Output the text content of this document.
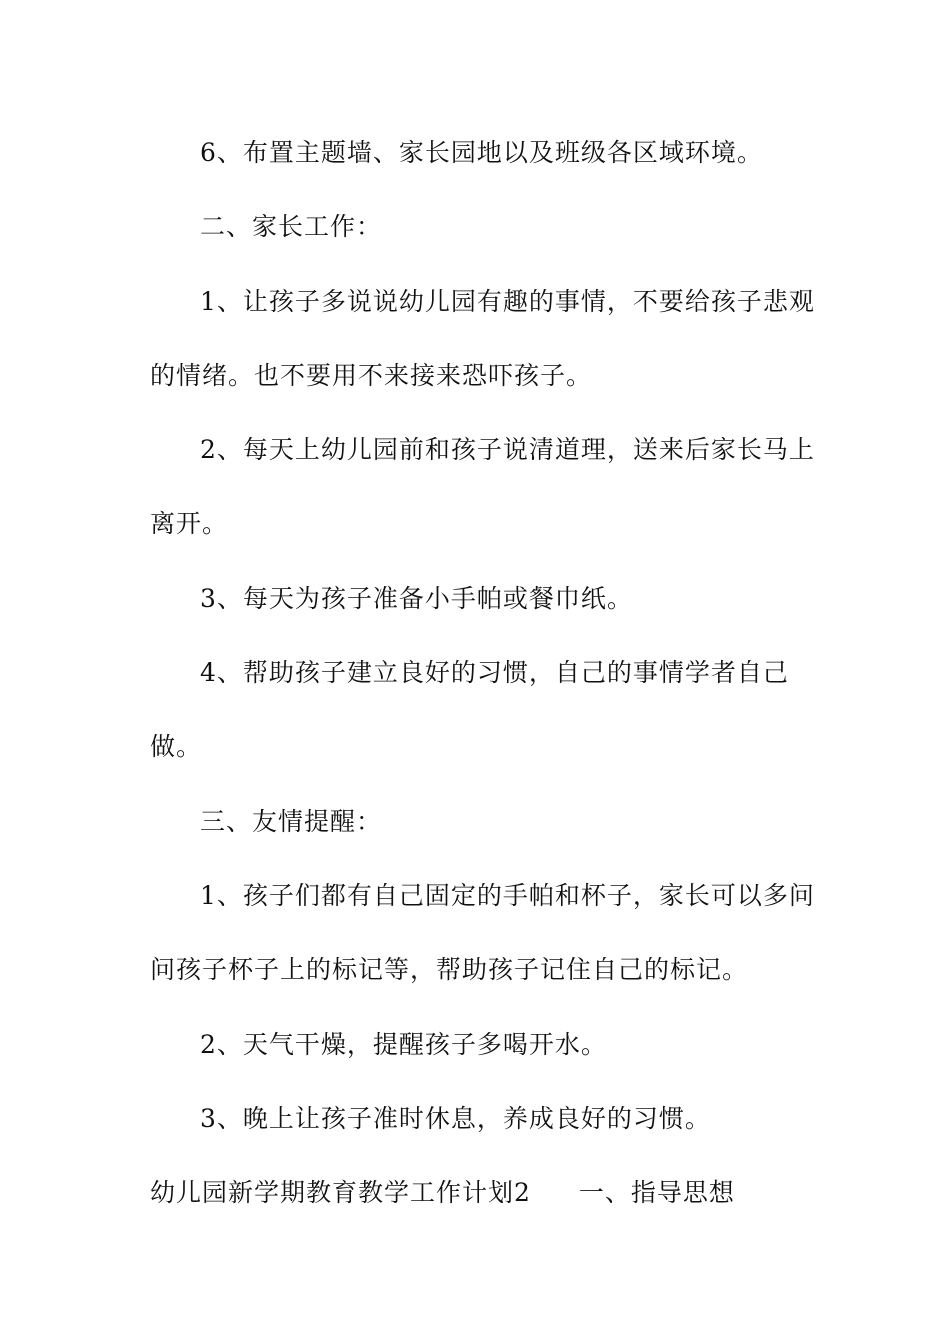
6、布置主题墙、家长园地以及班级各区域环境。
二、家长工作：
1、让孩子多说说幼儿园有趣的事情，不要给孩子悲观
的情绪。也不要用不来接来恐吓孩子。
2、每天上幼儿园前和孩子说清道理，送来后家长马上
离开。
3、每天为孩子准备小手帕或餐巾纸。
4、帮助孩子建立良好的习惯，自己的事情学者自己
做。
三、友情提醒：
1、孩子们都有自己固定的手帕和杯子，家长可以多问
问孩子杯子上的标记等，帮助孩子记住自己的标记。
2、天气干燥，提醒孩子多喝开水。
3、晚上让孩子准时休息，养成良好的习惯。
幼儿园新学期教育教学工作计划2 一、指导思想
